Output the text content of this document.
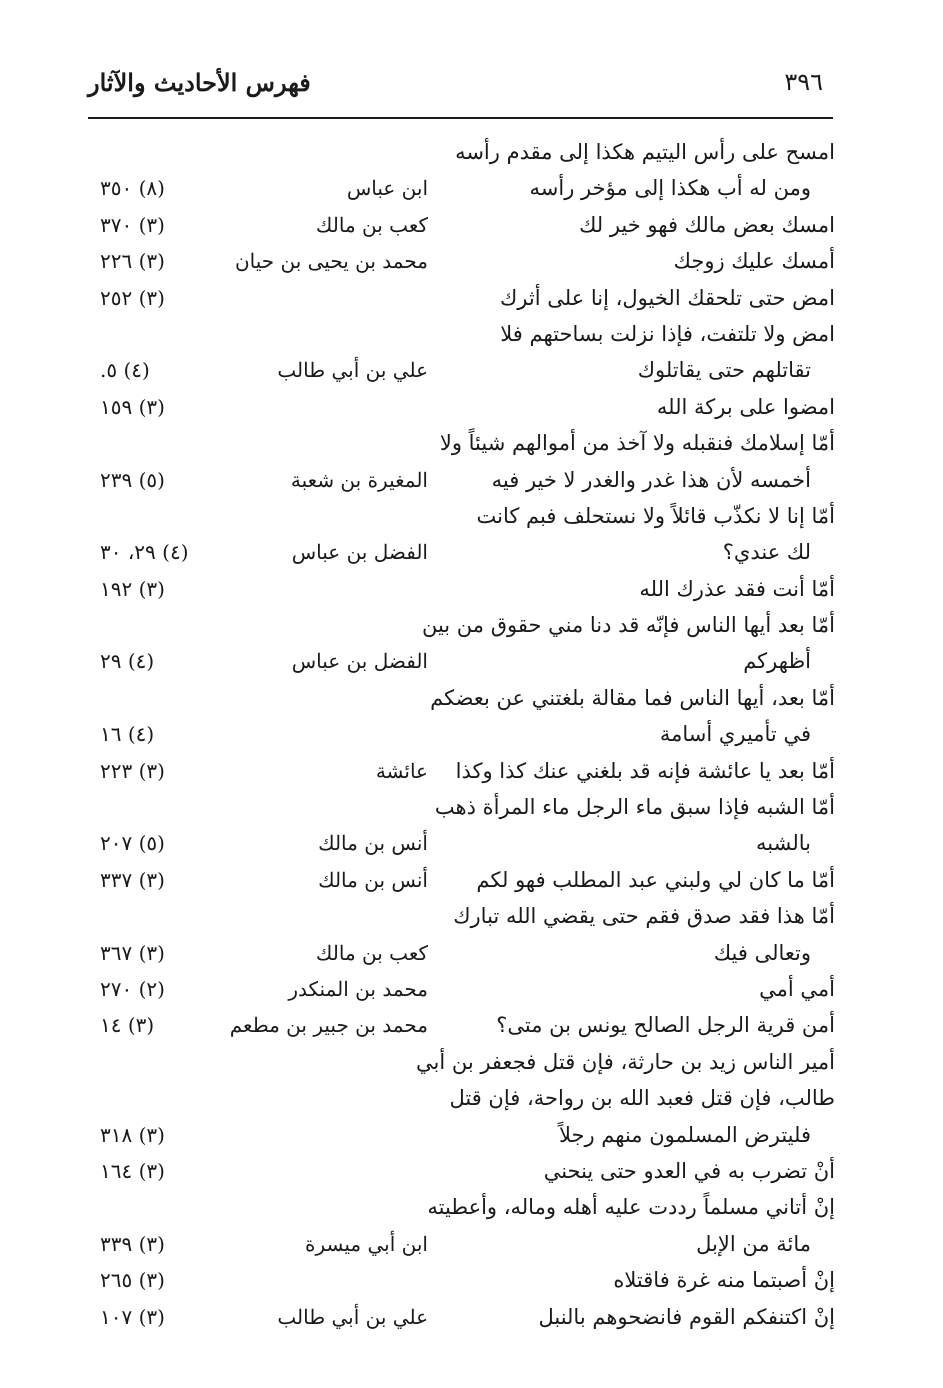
٣٩٦
فهرس الأحاديث والآثار
امسح على رأس اليتيم هكذا إلى مقدم رأسه
ومن له أب هكذا إلى مؤخر رأسه
ابن عباس
(٨) ٣٥٠
امسك بعض مالك فهو خير لك
كعب بن مالك
(٣) ٣٧٠
أمسك عليك زوجك
محمد بن يحيى بن حيان
(٣) ٢٢٦
امض حتى تلحقك الخيول، إنا على أثرك
(٣) ٢٥٢
امض ولا تلتفت، فإذا نزلت بساحتهم فلا
تقاتلهم حتى يقاتلوك
علي بن أبي طالب
(٤) ٥.
امضوا على بركة الله
(٣) ١٥٩
أمّا إسلامك فنقبله ولا آخذ من أموالهم شيئاً ولا
أخمسه لأن هذا غدر والغدر لا خير فيه
المغيرة بن شعبة
(٥) ٢٣٩
أمّا إنا لا نكذّب قائلاً ولا نستحلف فبم كانت
لك عندي؟
الفضل بن عباس
(٤) ٢٩، ٣٠
أمّا أنت فقد عذرك الله
(٣) ١٩٢
أمّا بعد أيها الناس فإنّه قد دنا مني حقوق من بين
أظهركم
الفضل بن عباس
(٤) ٢٩
أمّا بعد، أيها الناس فما مقالة بلغتني عن بعضكم
في تأميري أسامة
(٤) ١٦
أمّا بعد يا عائشة فإنه قد بلغني عنك كذا وكذا
عائشة
(٣) ٢٢٣
أمّا الشبه فإذا سبق ماء الرجل ماء المرأة ذهب
بالشبه
أنس بن مالك
(٥) ٢٠٧
أمّا ما كان لي ولبني عبد المطلب فهو لكم
أنس بن مالك
(٣) ٣٣٧
أمّا هذا فقد صدق فقم حتى يقضي الله تبارك
وتعالى فيك
كعب بن مالك
(٣) ٣٦٧
أمي أمي
محمد بن المنكدر
(٢) ٢٧٠
أمن قرية الرجل الصالح يونس بن متى؟
محمد بن جبير بن مطعم
(٣) ١٤
أمير الناس زيد بن حارثة، فإن قتل فجعفر بن أبي
طالب، فإن قتل فعبد الله بن رواحة، فإن قتل
فليترض المسلمون منهم رجلاً
(٣) ٣١٨
أنْ تضرب به في العدو حتى ينحني
(٣) ١٦٤
إنْ أتاني مسلماً رددت عليه أهله وماله، وأعطيته
مائة من الإبل
ابن أبي ميسرة
(٣) ٣٣٩
إنْ أصبتما منه غرة فاقتلاه
(٣) ٢٦٥
إنْ اكتنفكم القوم فانضحوهم بالنبل
علي بن أبي طالب
(٣) ١٠٧
